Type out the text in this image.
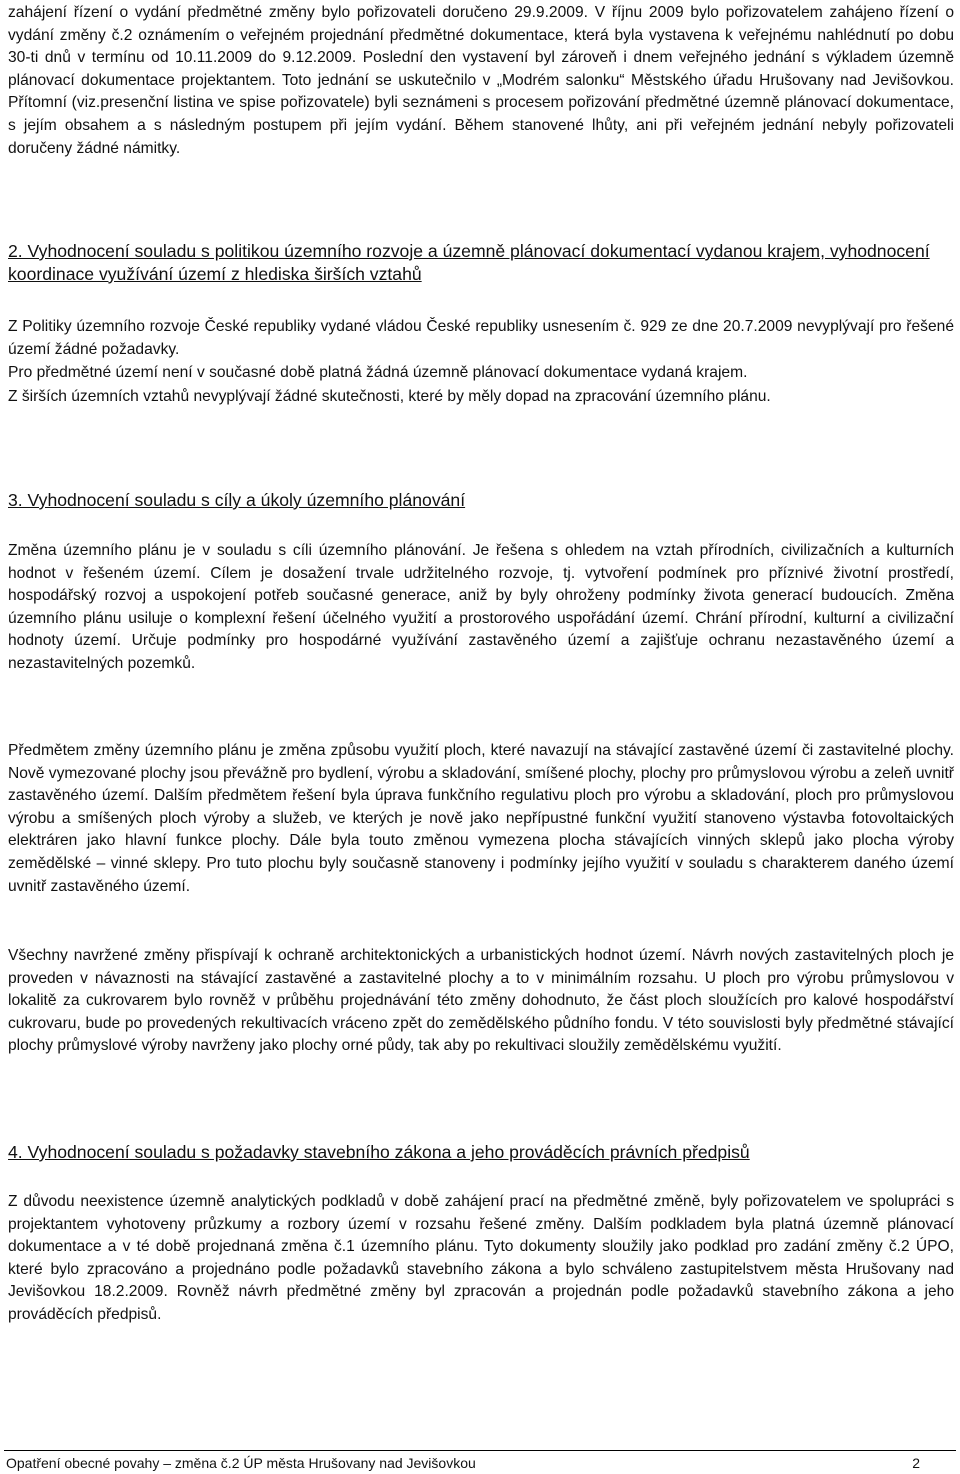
zahájení řízení o vydání předmětné změny bylo pořizovateli doručeno 29.9.2009. V říjnu 2009 bylo pořizovatelem zahájeno řízení o vydání změny č.2 oznámením o veřejném projednání předmětné dokumentace, která byla vystavena k veřejnému nahlédnutí po dobu 30-ti dnů v termínu od 10.11.2009 do 9.12.2009. Poslední den vystavení byl zároveň i dnem veřejného jednání s výkladem územně plánovací dokumentace projektantem. Toto jednání se uskutečnilo v „Modrém salonku“ Městského úřadu Hrušovany nad Jevišovkou. Přítomní (viz.presenční listina ve spise pořizovatele) byli seznámeni s procesem pořizování předmětné územně plánovací dokumentace, s jejím obsahem a s následným postupem při jejím vydání. Během stanovené lhůty, ani při veřejném jednání nebyly pořizovateli doručeny žádné námitky.

2. Vyhodnocení souladu s politikou územního rozvoje a územně plánovací dokumentací vydanou krajem, vyhodnocení koordinace využívání území z hlediska širších vztahů

Z Politiky územního rozvoje České republiky vydané vládou České republiky usnesením č. 929 ze dne 20.7.2009 nevyplývají pro řešené území žádné požadavky.

Pro předmětné území není v současné době platná žádná územně plánovací dokumentace vydaná krajem.

Z širších územních vztahů nevyplývají žádné skutečnosti, které by měly dopad na zpracování územního plánu.

3. Vyhodnocení souladu s cíly a úkoly územního plánování

Změna územního plánu je v souladu s cíli územního plánování. Je řešena s ohledem na vztah přírodních, civilizačních a kulturních hodnot v řešeném území. Cílem je dosažení trvale udržitelného rozvoje, tj. vytvoření podmínek pro příznivé životní prostředí, hospodářský rozvoj a uspokojení potřeb současné generace, aniž by byly ohroženy podmínky života generací budoucích. Změna územního plánu usiluje o komplexní řešení účelného využití a prostorového uspořádání území. Chrání přírodní, kulturní a civilizační hodnoty území. Určuje podmínky pro hospodárné využívání zastavěného území a zajišťuje ochranu nezastavěného území a nezastavitelných pozemků.

Předmětem změny územního plánu je změna způsobu využití ploch, které navazují na stávající zastavěné území či zastavitelné plochy. Nově vymezované plochy jsou převážně pro bydlení, výrobu a skladování, smíšené plochy, plochy pro průmyslovou výrobu a zeleň uvnitř zastavěného území. Dalším předmětem řešení byla úprava funkčního regulativu ploch pro výrobu a skladování, ploch pro průmyslovou výrobu a smíšených ploch výroby a služeb, ve kterých je nově jako nepřípustné funkční využití stanoveno výstavba fotovoltaických elektráren jako hlavní funkce plochy. Dále byla touto změnou vymezena plocha stávajících vinných sklepů jako plocha výroby zemědělské – vinné sklepy. Pro tuto plochu byly současně stanoveny i podmínky jejího využití v souladu s charakterem daného území uvnitř zastavěného území.

Všechny navržené změny přispívají k ochraně architektonických a urbanistických hodnot území. Návrh nových zastavitelných ploch je proveden v návaznosti na stávající zastavěné a zastavitelné plochy a to v minimálním rozsahu. U ploch pro výrobu průmyslovou v lokalitě za cukrovarem bylo rovněž v průběhu projednávání této změny dohodnuto, že část ploch sloužících pro kalové hospodářství cukrovaru, bude po provedených rekultivacích vráceno zpět do zemědělského půdního fondu. V této souvislosti byly předmětné stávající plochy průmyslové výroby navrženy jako plochy orné půdy, tak aby po rekultivaci sloužily zemědělskému využití.

4. Vyhodnocení souladu s požadavky stavebního zákona a jeho prováděcích právních předpisů

Z důvodu neexistence územně analytických podkladů v době zahájení prací na předmětné změně, byly pořizovatelem ve spolupráci s projektantem vyhotoveny průzkumy a rozbory území v rozsahu řešené změny. Dalším podkladem byla platná územně plánovací dokumentace a v té době projednaná změna č.1 územního plánu. Tyto dokumenty sloužily jako podklad pro zadání změny č.2 ÚPO, které bylo zpracováno a projednáno podle požadavků stavebního zákona a bylo schváleno zastupitelstvem města Hrušovany nad Jevišovkou 18.2.2009. Rovněž návrh předmětné změny byl zpracován a projednán podle požadavků stavebního zákona a jeho prováděcích předpisů.

Opatření obecné povahy – změna č.2 ÚP města Hrušovany nad Jevišovkou	2
